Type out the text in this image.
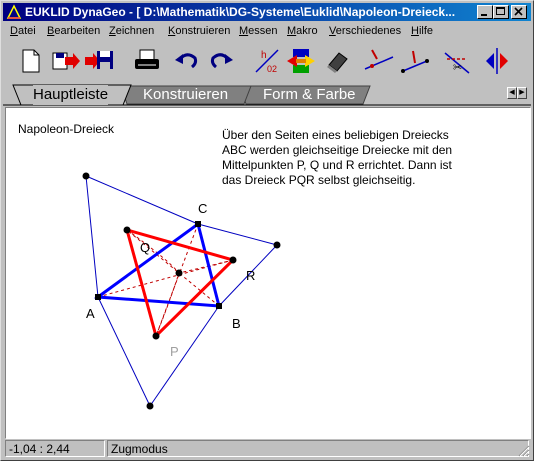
EUKLID DynaGeo - [ D:\Mathematik\DG-Systeme\Euklid\Napoleon-Dreieck...
Datei Bearbeiten Zeichnen Konstruieren Messen Makro Verschiedenes Hilfe
h
02	✂
Hauptleiste Konstruieren Form & Farbe	◀ ▶
Napoleon-Dreieck	Über den Seiten eines beliebigen Dreiecks
ABC werden gleichseitige Dreiecke mit den
Mittelpunkten P, Q und R errichtet. Dann ist
das Dreieck PQR selbst gleichseitig.
A
B
C
P
Q
R
-1,04 : 2,44	Zugmodus
